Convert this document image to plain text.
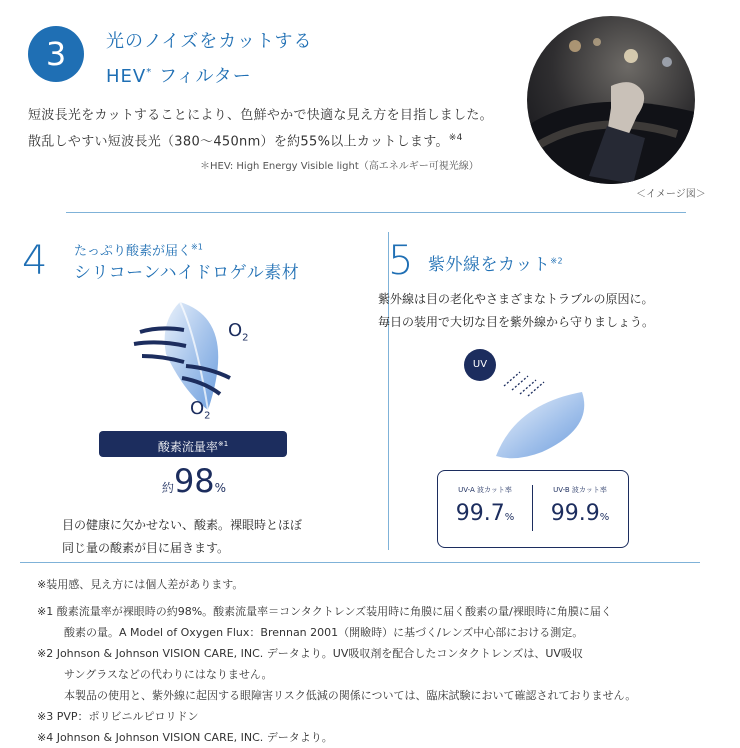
3	光のノイズをカットする
HEV* フィルター
短波長光をカットすることにより、色鮮やかで快適な見え方を目指しました。
散乱しやすい短波長光（380〜450nm）を約55%以上カットします。$^{※4}$
＊HEV: High Energy Visible light（高エネルギー可視光線）
＜イメージ図＞
4 たっぷり酸素が届く$^{※1}$
シリコーンハイドロゲル素材
$O_2$
$O_2$
酸素流量率$^{※1}$
約98%
目の健康に欠かせない、酸素。裸眼時とほぼ
同じ量の酸素が目に届きます。
5 紫外線をカット$^{※2}$
紫外線は目の老化やさまざまなトラブルの原因に。
毎日の装用で大切な目を紫外線から守りましょう。
UV
UV-A 波カット率
99.7%
UV-B 波カット率
99.9%
※装用感、見え方には個人差があります。
※1 酸素流量率が裸眼時の約98%。酸素流量率＝コンタクトレンズ装用時に角膜に届く酸素の量/裸眼時に角膜に届く
酸素の量。A Model of Oxygen Flux：Brennan 2001（開瞼時）に基づく/レンズ中心部における測定。
※2 Johnson & Johnson VISION CARE, INC. データより。UV吸収剤を配合したコンタクトレンズは、UV吸収
サングラスなどの代わりにはなりません。
本製品の使用と、紫外線に起因する眼障害リスク低減の関係については、臨床試験において確認されておりません。
※3 PVP：ポリビニルピロリドン
※4 Johnson & Johnson VISION CARE, INC. データより。
